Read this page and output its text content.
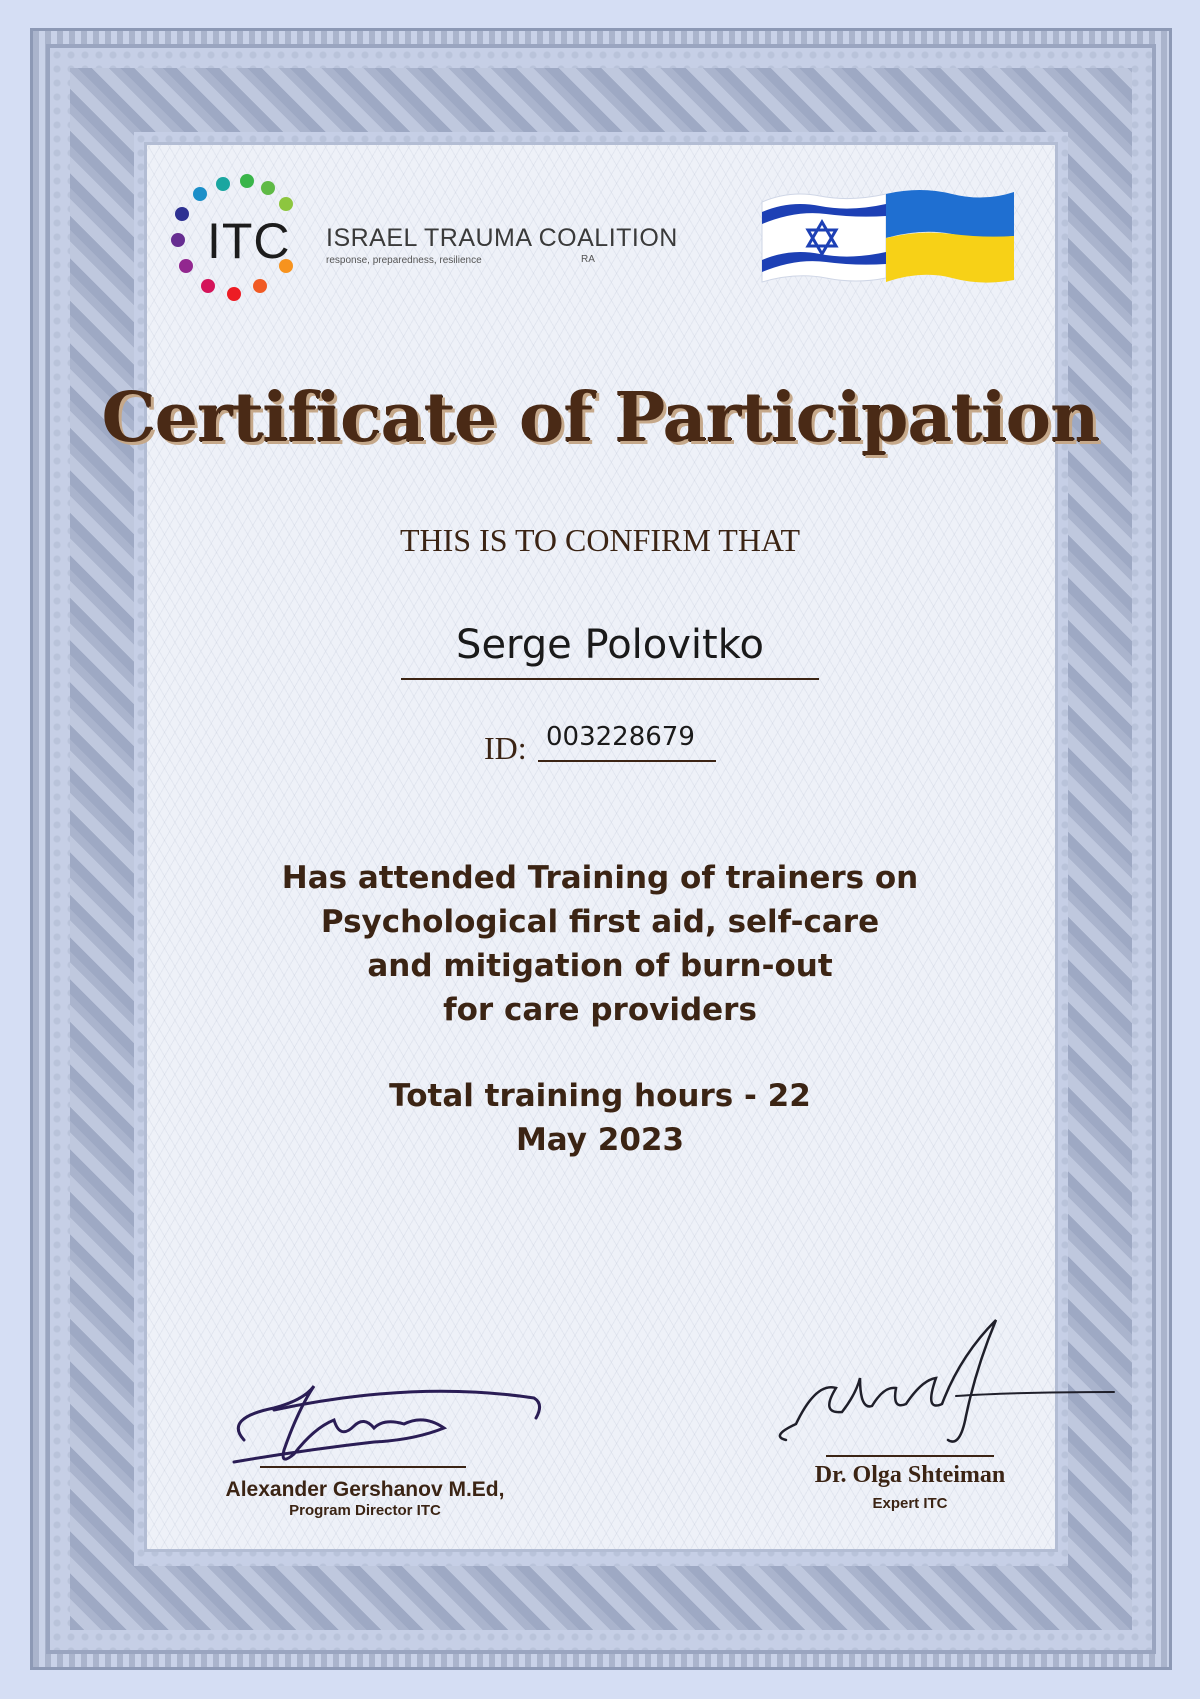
ITC ISRAEL TRAUMA COALITION
response, preparedness, resilience	RA
Certificate of Participation
THIS IS TO CONFIRM THAT
Serge Polovitko
ID: 003228679
Has attended Training of trainers on
Psychological first aid, self-care
and mitigation of burn-out
for care providers
Total training hours - 22
May 2023
Alexander Gershanov M.Ed,
Program Director ITC
Dr. Olga Shteiman
Expert ITC
